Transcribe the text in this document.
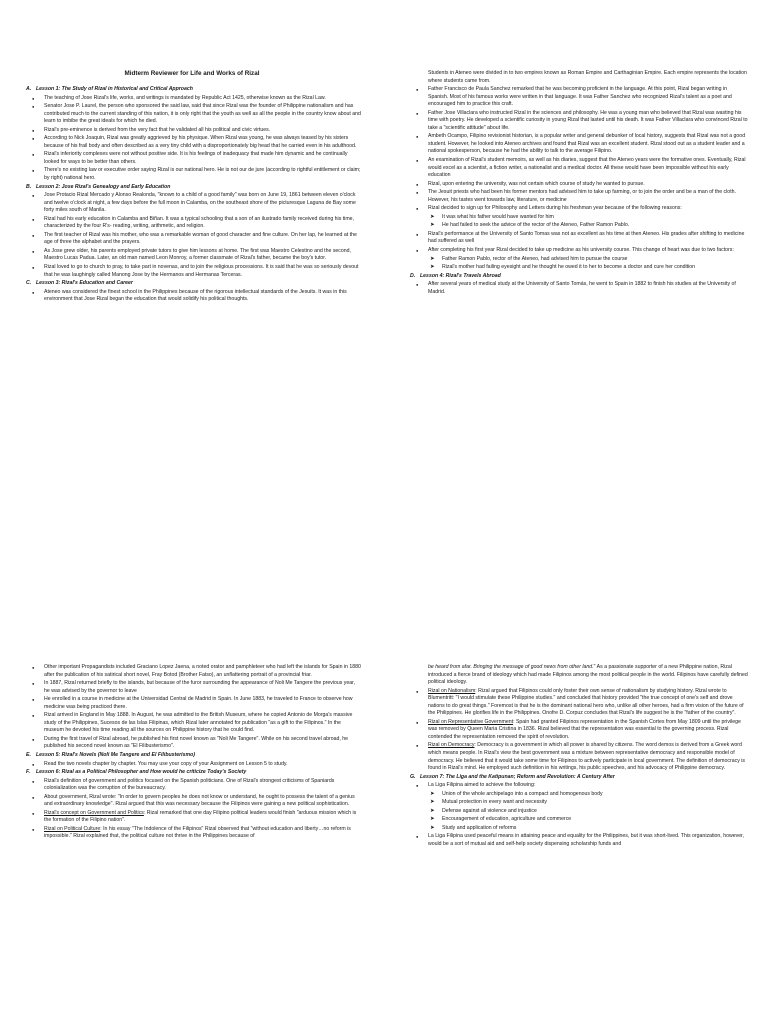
Midterm Reviewer for Life and Works of Rizal
A. Lesson 1: The Study of Rizal in Historical and Critical Approach
● The teaching of Jose Rizal's life, works, and writings is mandated by Republic Act 1425, otherwise known as the Rizal Law.
● Senator Jose P. Laurel, the person who sponsored the said law, said that since Rizal was the founder of Philippine nationalism and has contributed much to the current standing of this nation, it is only right that the youth as well as all the people in the country know about and learn to imbibe the great ideals for which he died.
● Rizal's pre-eminence is derived from the very fact that he validated all his political and civic virtues.
● According to Nick Joaquin, Rizal was greatly aggrieved by his physique. When Rizal was young, he was always teased by his sisters because of his frail body and often described as a very tiny child with a disproportionately big head that he carried even in his adulthood.
● Rizal's inferiority complexes were not without positive side. It is his feelings of inadequacy that made him dynamic and he continually looked for ways to be better than others.
● There's no existing law or executive order saying Rizal is our national hero. He is not our de jure (according to rightful entitlement or claim; by right) national hero.
B. Lesson 2: Jose Rizal's Genealogy and Early Education
● Jose Protacio Rizal Mercado y Alonso Realonda, "known to a child of a good family" was born on June 19, 1861 between eleven o'clock and twelve o'clock at night, a few days before the full moon in Calamba, on the southeast shore of the picturesque Laguna de Bay some forty miles south of Manila.
● Rizal had his early education in Calamba and Biñan. It was a typical schooling that a son of an ilustrado family received during his time, characterized by the four R's- reading, writing, arithmetic, and religion.
● The first teacher of Rizal was his mother, who was a remarkable woman of good character and fine culture. On her lap, he learned at the age of three the alphabet and the prayers.
● As Jose grew older, his parents employed private tutors to give him lessons at home. The first was Maestro Celestino and the second, Maestro Lucas Padua. Later, an old man named Leon Monroy, a former classmate of Rizal's father, became the boy's tutor.
● Rizal loved to go to church to pray, to take part in novenas, and to join the religious processions. It is said that he was so seriously devout that he was laughingly called Manong Jose by the Hermanos and Hermanas Terceras.
C. Lesson 3: Rizal's Education and Career
● Ateneo was considered the finest school in the Philippines because of the rigorous intellectual standards of the Jesuits. It was in this environment that Jose Rizal began the education that would solidify his political thoughts.
Students in Ateneo were divided in to two empires known as Roman Empire and Carthaginian Empire. Each empire represents the location where students came from.
● Father Francisco de Paula Sanchez remarked that he was becoming proficient in the language. At this point, Rizal began writing in Spanish. Most of his famous works were written in that language. It was Father Sanchez who recognized Rizal's talent as a poet and encouraged him to practice this craft.
● Father Jose Villaclara who instructed Rizal in the sciences and philosophy. He was a young man who believed that Rizal was wasting his time with poetry. He developed a scientific curiosity in young Rizal that lasted until his death. It was Father Villaclara who convinced Rizal to take a "scientific attitude" about life.
● Ambeth Ocampo, Filipino revisionist historian, is a popular writer and general debunker of local history, suggests that Rizal was not a good student. However, he looked into Ateneo archives and found that Rizal was an excellent student. Rizal stood out as a student leader and a national spokesperson, because he had the ability to talk to the average Filipino.
● An examination of Rizal's student memoirs, as well as his diaries, suggest that the Ateneo years were the formative ones. Eventually, Rizal would excel as a scientist, a fiction writer, a nationalist and a medical doctor. All these would have been impossible without his early education
● Rizal, upon entering the university, was not certain which course of study he wanted to pursue.
● The Jesuit priests who had been his former mentors had advised him to take up farming, or to join the order and be a man of the cloth. However, his tastes went towards law, literature, or medicine
● Rizal decided to sign up for Philosophy and Letters during his freshman year because of the following reasons:
➤ It was what his father would have wanted for him
➤ He had failed to seek the advice of the rector of the Ateneo, Father Ramon Pablo.
● Rizal's performance at the University of Santo Tomas was not as excellent as his time at then Ateneo. His grades after shifting to medicine had suffered as well
● After completing his first year Rizal decided to take up medicine as his university course. This change of heart was due to two factors:
➤ Father Ramon Pablo, rector of the Ateneo, had advised him to pursue the course
➤ Rizal's mother had failing eyesight and he thought he owed it to her to become a doctor and cure her condition
D. Lesson 4: Rizal's Travels Abroad
● After several years of medical study at the University of Santo Tomás, he went to Spain in 1882 to finish his studies at the University of Madrid.
● Other important Propagandists included Graciano Lopez Jaena, a noted orator and pamphleteer who had left the islands for Spain in 1880 after the publication of his satirical short novel, Fray Botod (Brother Fatso), an unflattering portrait of a provincial friar.
● In 1887, Rizal returned briefly to the islands, but because of the furor surrounding the appearance of Noli Me Tangere the previous year, he was advised by the governor to leave
● He enrolled in a course in medicine at the Universidad Central de Madrid in Spain. In June 1883, he traveled to France to observe how medicine was being practiced there.
● Rizal arrived in England in May 1888. In August, he was admitted to the British Museum, where he copied Antonio de Morga's massive study of the Philippines, Sucesos de las Islas Filipinas, which Rizal later annotated for publication "as a gift to the Filipinos." In the museum he devoted his time reading all the sources on Philippine history that he could find.
● During the first travel of Rizal abroad, he published his first novel known as "Noli Me Tangere". While on his second travel abroad, he published his second novel known as "El Filibusterismo".
E. Lesson 5: Rizal's Novels (Noli Me Tangere and El Filibusterismo)
● Read the two novels chapter by chapter. You may use your copy of your Assignment on Lesson 5 to study.
F. Lesson 6: Rizal as a Political Philosopher and How would he criticize Today's Society
● Rizal's definition of government and politics focused on the Spanish politicians. One of Rizal's strongest criticisms of Spaniards colonialization was the corruption of the bureaucracy.
● About government, Rizal wrote: "In order to govern peoples he does not know or understand, he ought to possess the talent of a genius and extraordinary knowledge". Rizal argued that this was necessary because the Filipinos were gaining a new political sophistication.
● Rizal's concept on Government and Politics: Rizal remarked that one day Filipino political leaders would finish "arduous mission which is the formation of the Filipino nation".
● Rizal on Political Culture: In his essay "The Indolence of the Filipinos" Rizal observed that "without education and liberty…no reform is impossible." Rizal explained that, the political culture not thrive in the Philippines because of
be heard from afar. Bringing the message of good news from other land." As a passionate supporter of a new Philippine nation, Rizal introduced a fierce brand of ideology which had made Filipinos among the most political people in the world. Filipinos have carefully defined political ideology.
● Rizal on Nationalism: Rizal argued that Filipinos could only foster their own sense of nationalism by studying history. Rizal wrote to Blumentritt: "I would stimulate these Philippine studies." and concluded that history provided "the true concept of one's self and drove nations to do great things." Foremost is that he is the dominant national hero who, unlike all other heroes, had a firm vision of the future of the Philippines. He glorifies life in the Philippines. Onofre D. Corpuz concludes that Rizal's life suggest he is the "father of the country".
● Rizal on Representative Government: Spain had granted Filipinos representation in the Spanish Cortes from May 1809 until the privilege was removed by Queen Maria Cristina in 1836. Rizal believed that the representation was essential to the governing process. Rizal contended the representation removed the spirit of revolution.
● Rizal on Democracy: Democracy is a government in which all power is shared by citizens. The word demos is derived from a Greek word which means people. In Rizal's view the best government was a mixture between representative democracy and responsible model of democracy. He believed that it would take some time for Filipinos to actively participate in local government. The definition of democracy is found in Rizal's mind. He employed such definition in his writings, his public speeches, and his advocacy of Philippine democracy.
G. Lesson 7: The Liga and the Katipunan; Reform and Revolution: A Century After
● La Liga Filipina aimed to achieve the following:
➤ Union of the whole archipelago into a compact and homogenous body
➤ Mutual protection in every want and necessity
➤ Defense against all violence and injustice
➤ Encouragement of education, agriculture and commerce
➤ Study and application of reforms
● La Liga Filipina used peaceful means in attaining peace and equality for the Philippines, but it was short-lived. This organization, however, would be a sort of mutual aid and self-help society dispensing scholarship funds and
